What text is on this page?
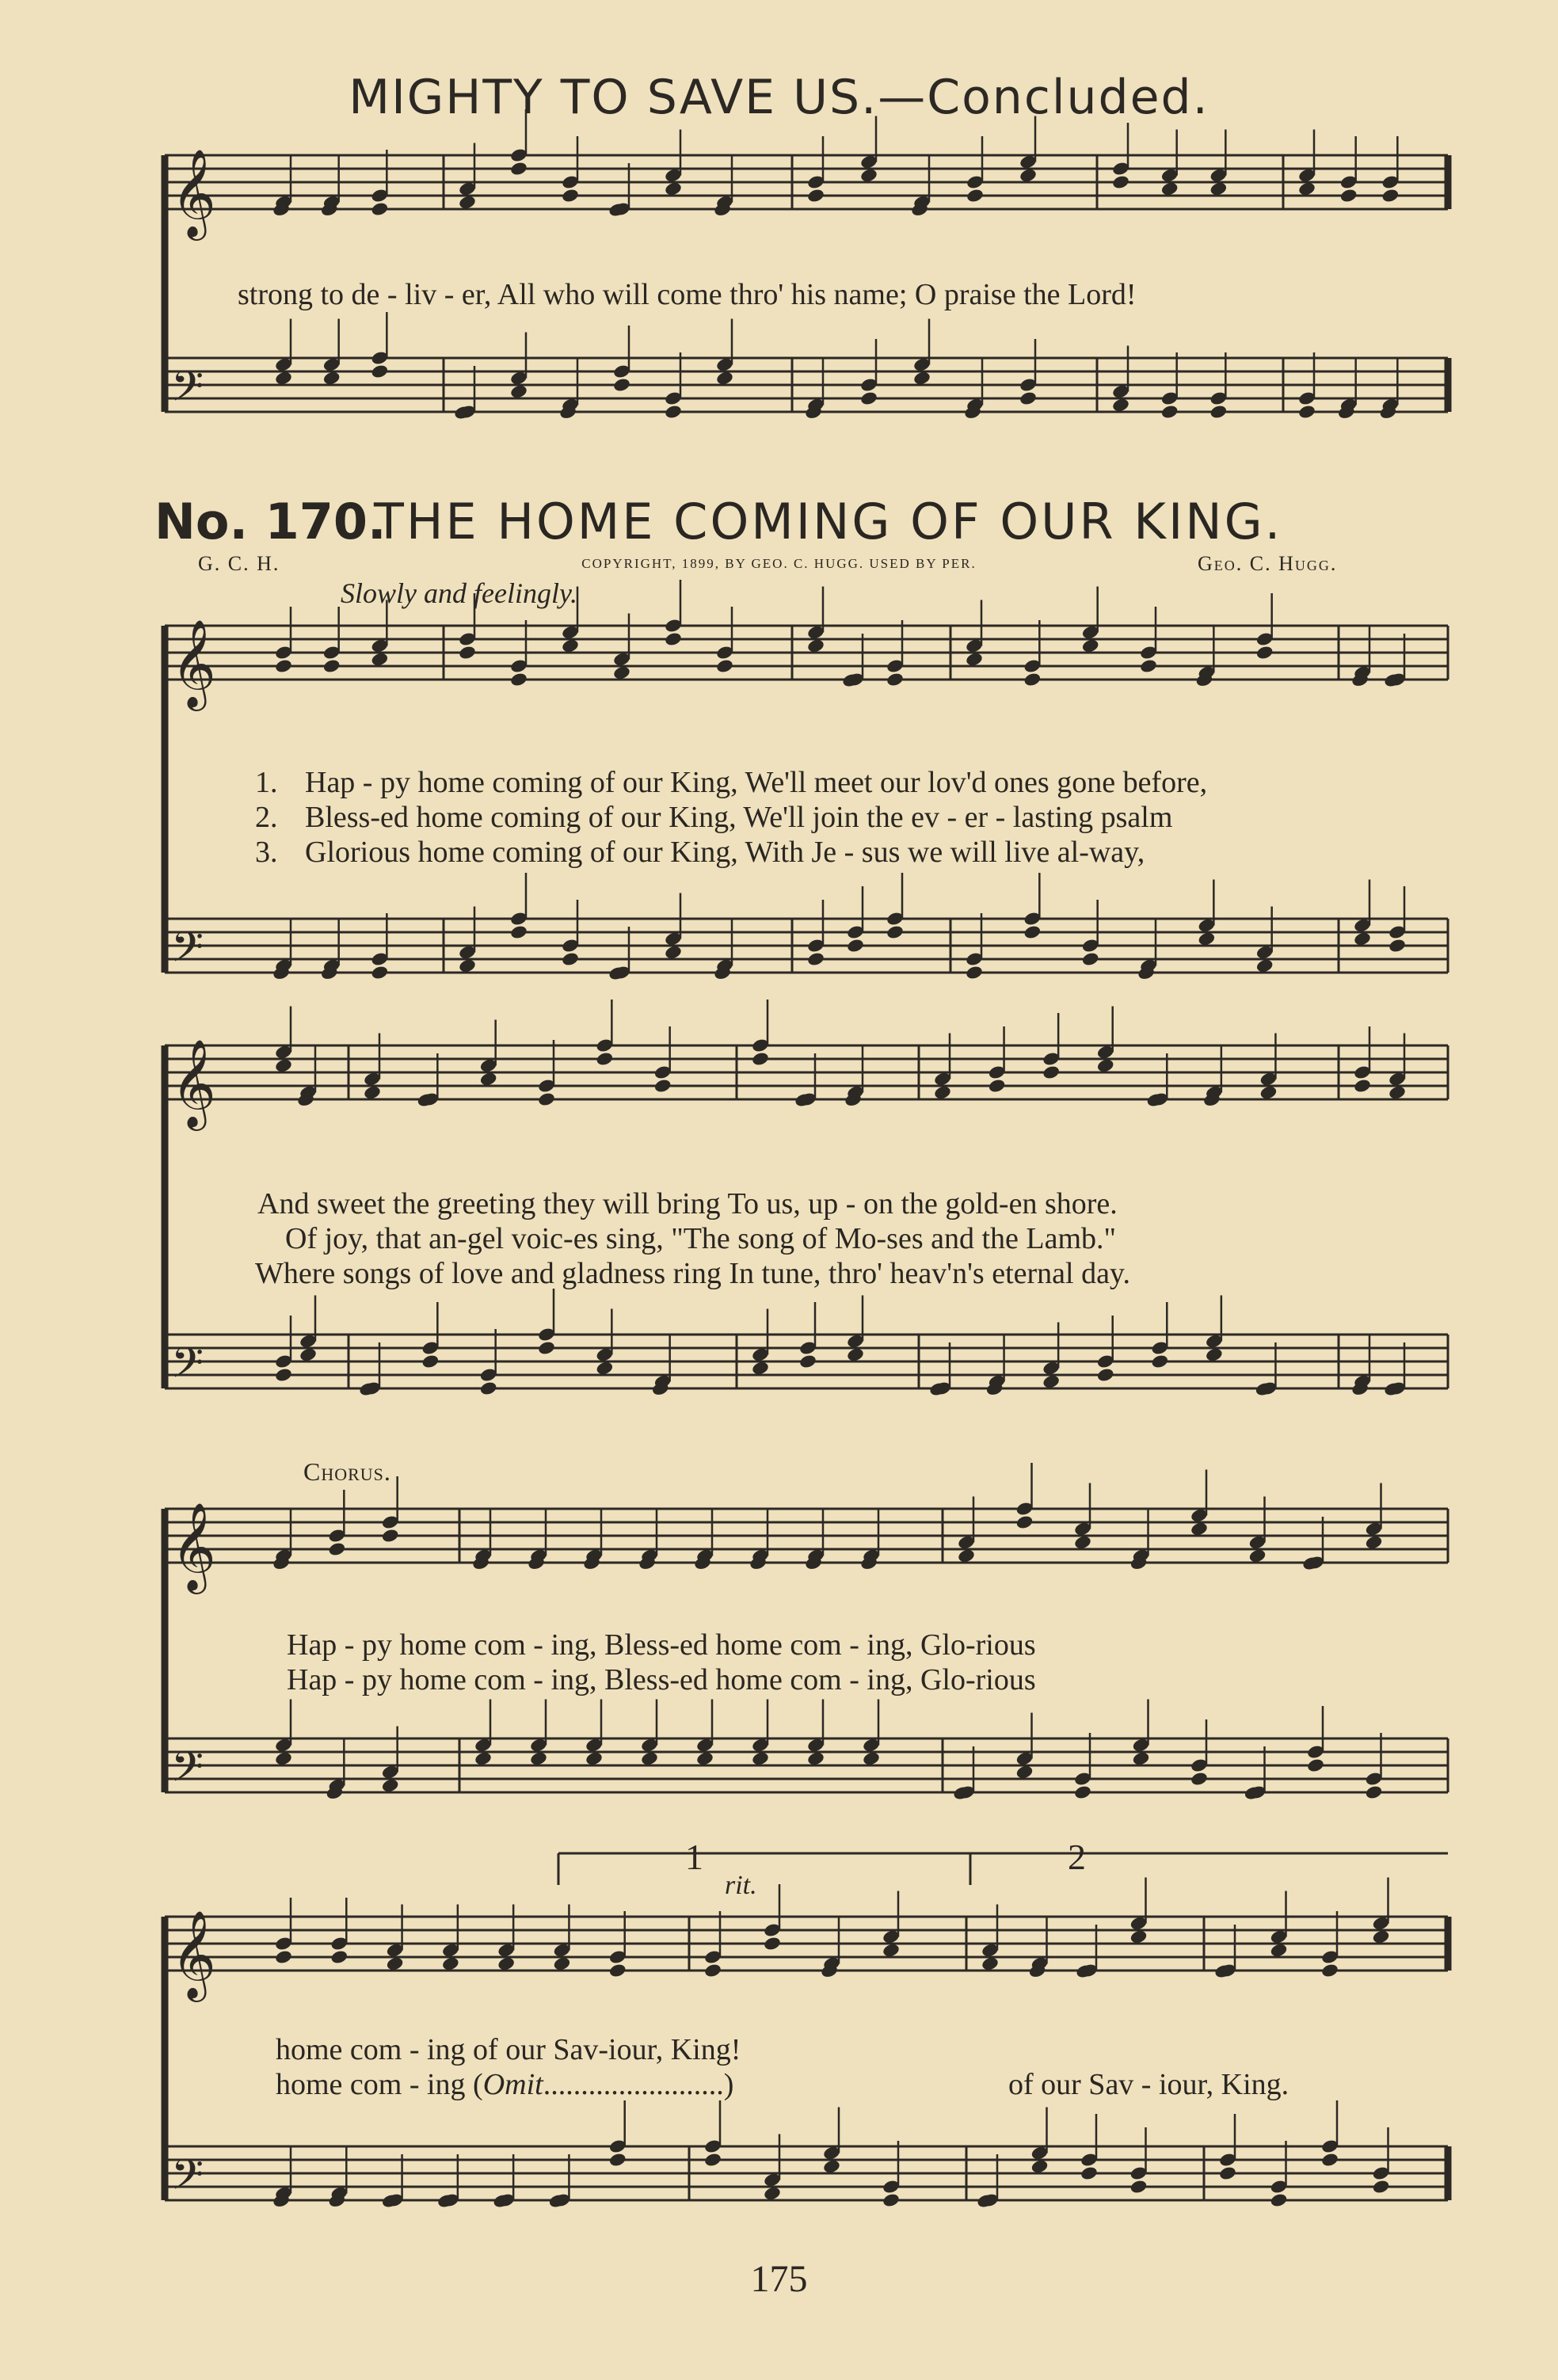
𝄞
𝄢
𝄞
𝄢
𝄞
𝄢
𝄞
𝄢
𝄞
𝄢
MIGHTY TO SAVE US.—Concluded.
strong to de - liv - er, All who will come thro' his name; O praise the Lord!
No. 170.
THE HOME COMING OF OUR KING.
G. C. H.	COPYRIGHT, 1899, BY GEO. C. HUGG. USED BY PER.	Geo. C. Hugg.
Slowly and feelingly.
1. Hap - py home coming of our King, We'll meet our lov'd ones gone before,
2. Bless-ed home coming of our King, We'll join the ev - er - lasting psalm
3. Glorious home coming of our King, With Je - sus we will live al-way,
And sweet the greeting they will bring To us, up - on the gold-en shore.
Of joy, that an-gel voic-es sing, "The song of Mo-ses and the Lamb."
Where songs of love and gladness ring In tune, thro' heav'n's eternal day.
Chorus.
Hap - py home com - ing, Bless-ed home com - ing, Glo-rious
Hap - py home com - ing, Bless-ed home com - ing, Glo-rious
rit.
1	2
home com - ing of our Sav-iour, King!
home com - ing (Omit........................)	of our Sav - iour, King.
175
